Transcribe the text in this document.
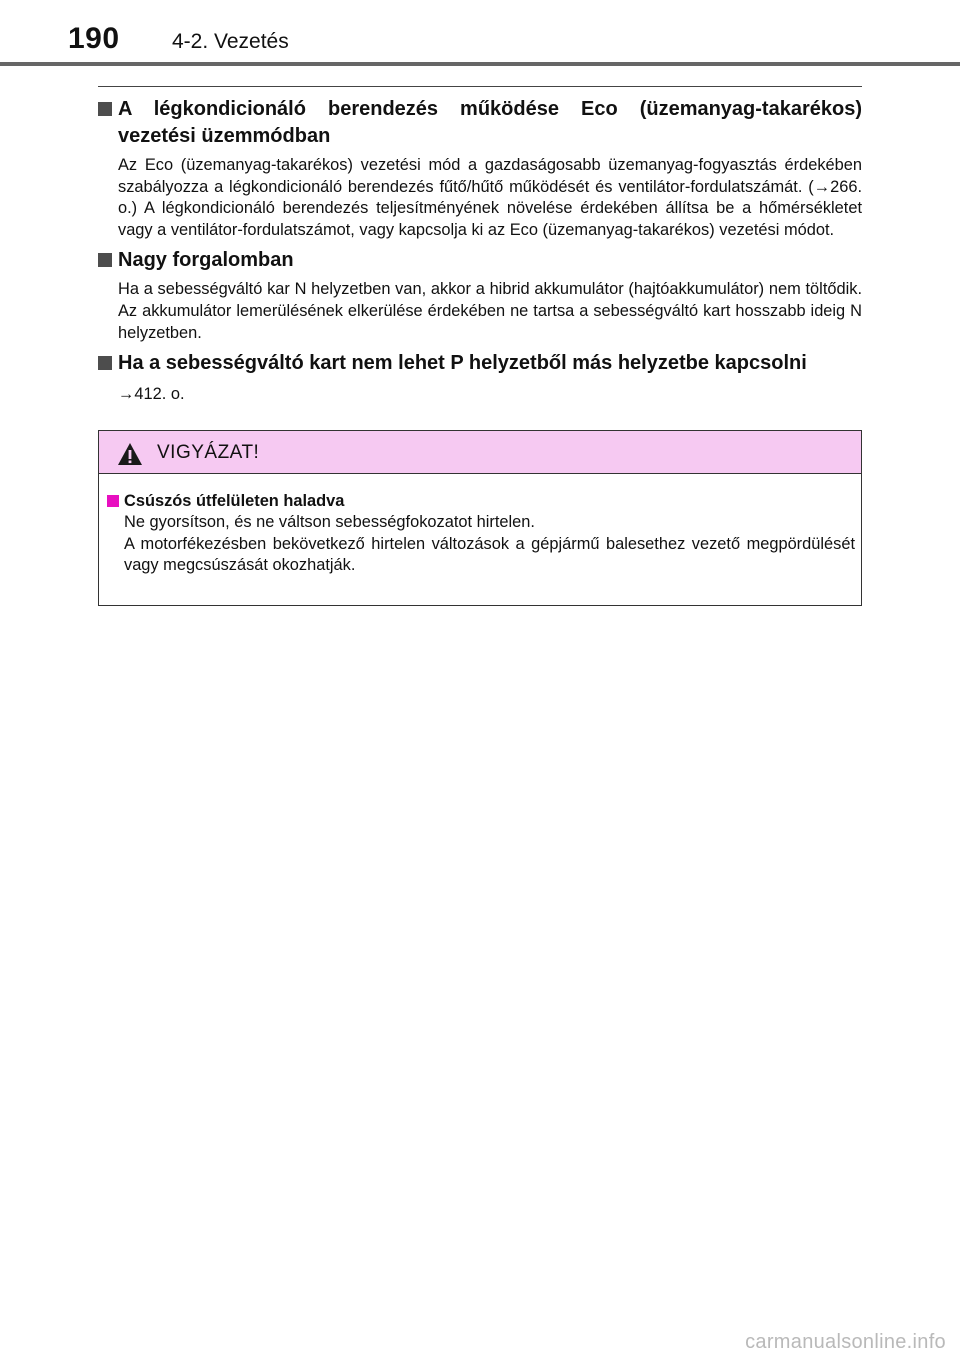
190 4-2. Vezetés
A légkondicionáló berendezés működése Eco (üzemanyag-takarékos) vezetési üzemmódban
Az Eco (üzemanyag-takarékos) vezetési mód a gazdaságosabb üzemanyag-fogyasztás érdekében szabályozza a légkondicionáló berendezés fűtő/hűtő működését és ventilátor-fordulatszámát. (→266. o.) A légkondicionáló berendezés teljesítményének növelése érdekében állítsa be a hőmérsékletet vagy a ventilátor-fordulatszámot, vagy kapcsolja ki az Eco (üzemanyag-takarékos) vezetési módot.
Nagy forgalomban
Ha a sebességváltó kar N helyzetben van, akkor a hibrid akkumulátor (hajtóakkumulátor) nem töltődik. Az akkumulátor lemerülésének elkerülése érdekében ne tartsa a sebességváltó kart hosszabb ideig N helyzetben.
Ha a sebességváltó kart nem lehet P helyzetből más helyzetbe kapcsolni
→412. o.
VIGYÁZAT!
Csúszós útfelületen haladva
Ne gyorsítson, és ne váltson sebességfokozatot hirtelen.
A motorfékezésben bekövetkező hirtelen változások a gépjármű balesethez vezető megpördülését vagy megcsúszását okozhatják.
carmanualsonline.info
